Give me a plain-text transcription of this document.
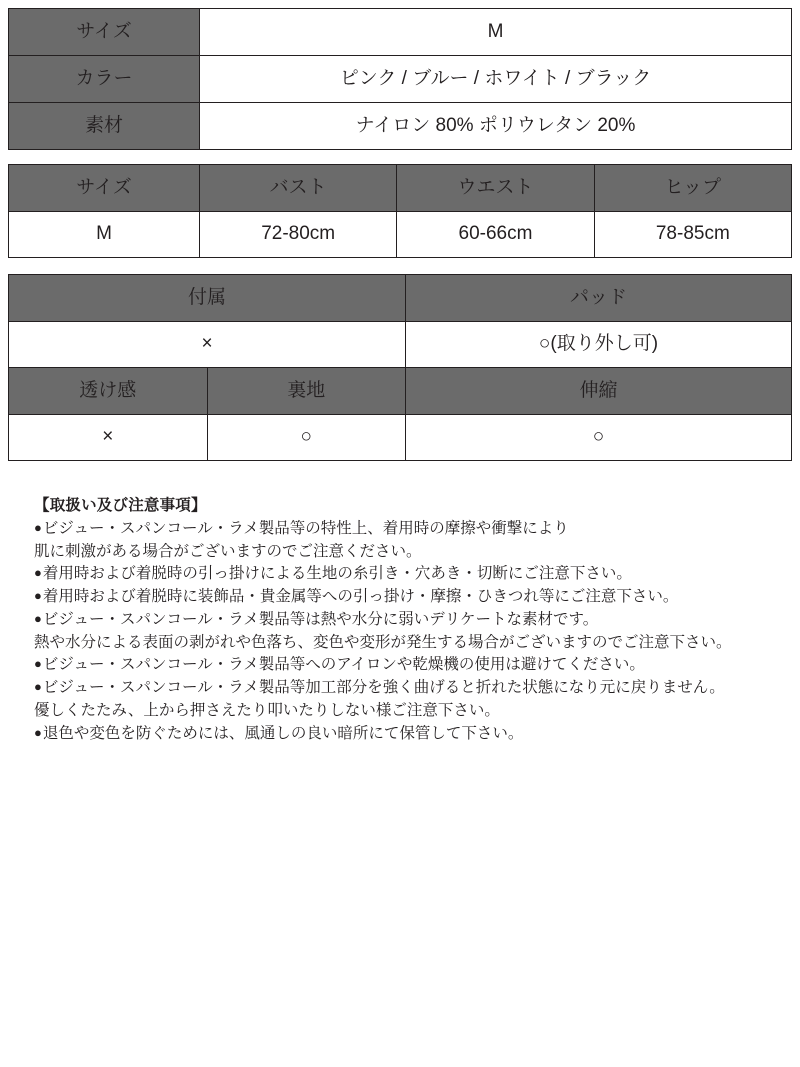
サイズ	M
カラー	ピンク / ブルー / ホワイト / ブラック
素材	ナイロン 80% ポリウレタン 20%
サイズ	バスト	ウエスト	ヒップ
M	72-80cm	60-66cm	78-85cm
付属		パッド
×		○(取り外し可)
透け感	裏地	伸縮
×	○	○

【取扱い及び注意事項】

● ビジュー・スパンコール・ラメ製品等の特性上、着用時の摩擦や衝撃により

肌に刺激がある場合がございますのでご注意ください。

● 着用時および着脱時の引っ掛けによる生地の糸引き・穴あき・切断にご注意下さい。

● 着用時および着脱時に装飾品・貴金属等への引っ掛け・摩擦・ひきつれ等にご注意下さい。

● ビジュー・スパンコール・ラメ製品等は熱や水分に弱いデリケートな素材です。

熱や水分による表面の剥がれや色落ち、変色や変形が発生する場合がございますのでご注意下さい。

● ビジュー・スパンコール・ラメ製品等へのアイロンや乾燥機の使用は避けてください。

● ビジュー・スパンコール・ラメ製品等加工部分を強く曲げると折れた状態になり元に戻りません。

優しくたたみ、上から押さえたり叩いたりしない様ご注意下さい。

● 退色や変色を防ぐためには、風通しの良い暗所にて保管して下さい。
